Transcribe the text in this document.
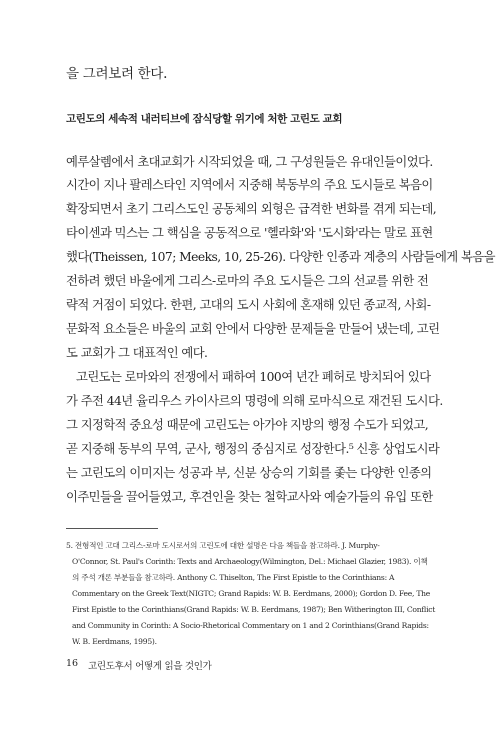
을 그려보려 한다.
고린도의 세속적 내러티브에 잠식당할 위기에 처한 고린도 교회
예루살렘에서 초대교회가 시작되었을 때, 그 구성원들은 유대인들이었다.
시간이 지나 팔레스타인 지역에서 지중해 북동부의 주요 도시들로 복음이
확장되면서 초기 그리스도인 공동체의 외형은 급격한 변화를 겪게 되는데,
타이센과 믹스는 그 핵심을 공동적으로 '헬라화'와 '도시화'라는 말로 표현
했다(Theissen, 107; Meeks, 10, 25-26). 다양한 인종과 계층의 사람들에게 복음을
전하려 했던 바울에게 그리스-로마의 주요 도시들은 그의 선교를 위한 전
략적 거점이 되었다. 한편, 고대의 도시 사회에 혼재해 있던 종교적, 사회-
문화적 요소들은 바울의 교회 안에서 다양한 문제들을 만들어 냈는데, 고린
도 교회가 그 대표적인 예다.
고린도는 로마와의 전쟁에서 패하여 100여 년간 폐허로 방치되어 있다
가 주전 44년 율리우스 카이사르의 명령에 의해 로마식으로 재건된 도시다.
그 지정학적 중요성 때문에 고린도는 아가야 지방의 행정 수도가 되었고,
곧 지중해 동부의 무역, 군사, 행정의 중심지로 성장한다.⁵ 신흥 상업도시라
는 고린도의 이미지는 성공과 부, 신분 상승의 기회를 좇는 다양한 인종의
이주민들을 끌어들였고, 후견인을 찾는 철학교사와 예술가들의 유입 또한
5. 전형적인 고대 그리스-로마 도시로서의 고린도에 대한 설명은 다음 책들을 참고하라. J. Murphy-
O'Connor, St. Paul's Corinth: Texts and Archaeology(Wilmington, Del.: Michael Glazier, 1983). 이책
의 주석 개론 부분들을 참고하라. Anthony C. Thiselton, The First Epistle to the Corinthians: A
Commentary on the Greek Text(NIGTC; Grand Rapids: W. B. Eerdmans, 2000); Gordon D. Fee, The
First Epistle to the Corinthians(Grand Rapids: W. B. Eerdmans, 1987); Ben Witherington III, Conflict
and Community in Corinth: A Socio-Rhetorical Commentary on 1 and 2 Corinthians(Grand Rapids:
W. B. Eerdmans, 1995).
16 고린도후서 어떻게 읽을 것인가
